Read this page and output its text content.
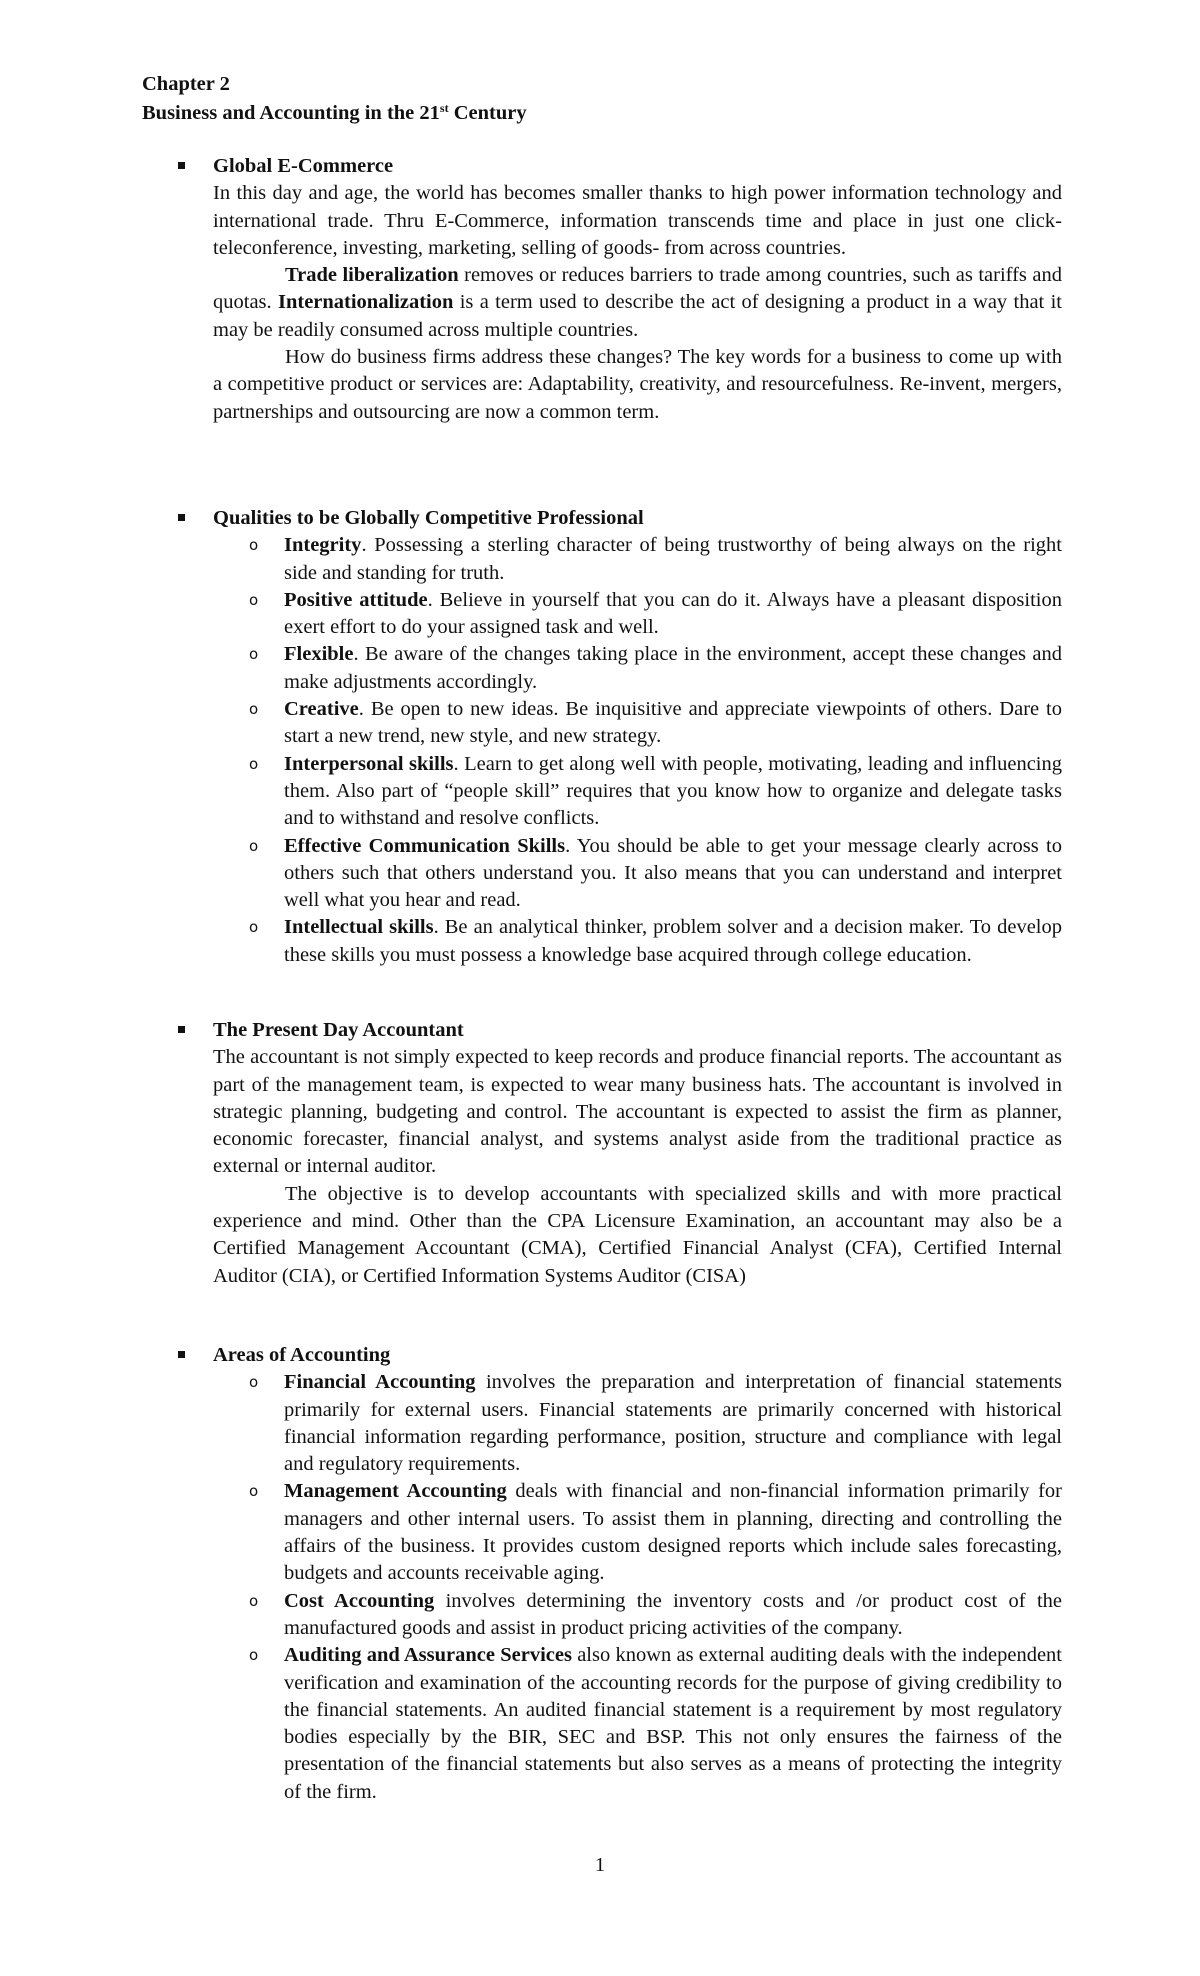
Chapter 2
Business and Accounting in the 21st Century
Global E-Commerce
In this day and age, the world has becomes smaller thanks to high power information technology and international trade. Thru E-Commerce, information transcends time and place in just one click- teleconference, investing, marketing, selling of goods- from across countries.
Trade liberalization removes or reduces barriers to trade among countries, such as tariffs and quotas. Internationalization is a term used to describe the act of designing a product in a way that it may be readily consumed across multiple countries.
How do business firms address these changes? The key words for a business to come up with a competitive product or services are: Adaptability, creativity, and resourcefulness. Re-invent, mergers, partnerships and outsourcing are now a common term.
Qualities to be Globally Competitive Professional
o Integrity. Possessing a sterling character of being trustworthy of being always on the right side and standing for truth.
o Positive attitude. Believe in yourself that you can do it. Always have a pleasant disposition exert effort to do your assigned task and well.
o Flexible. Be aware of the changes taking place in the environment, accept these changes and make adjustments accordingly.
o Creative. Be open to new ideas. Be inquisitive and appreciate viewpoints of others. Dare to start a new trend, new style, and new strategy.
o Interpersonal skills. Learn to get along well with people, motivating, leading and influencing them. Also part of “people skill” requires that you know how to organize and delegate tasks and to withstand and resolve conflicts.
o Effective Communication Skills. You should be able to get your message clearly across to others such that others understand you. It also means that you can understand and interpret well what you hear and read.
o Intellectual skills. Be an analytical thinker, problem solver and a decision maker. To develop these skills you must possess a knowledge base acquired through college education.
The Present Day Accountant
The accountant is not simply expected to keep records and produce financial reports. The accountant as part of the management team, is expected to wear many business hats. The accountant is involved in strategic planning, budgeting and control. The accountant is expected to assist the firm as planner, economic forecaster, financial analyst, and systems analyst aside from the traditional practice as external or internal auditor.
The objective is to develop accountants with specialized skills and with more practical experience and mind. Other than the CPA Licensure Examination, an accountant may also be a Certified Management Accountant (CMA), Certified Financial Analyst (CFA), Certified Internal Auditor (CIA), or Certified Information Systems Auditor (CISA)
Areas of Accounting
o Financial Accounting involves the preparation and interpretation of financial statements primarily for external users. Financial statements are primarily concerned with historical financial information regarding performance, position, structure and compliance with legal and regulatory requirements.
o Management Accounting deals with financial and non-financial information primarily for managers and other internal users. To assist them in planning, directing and controlling the affairs of the business. It provides custom designed reports which include sales forecasting, budgets and accounts receivable aging.
o Cost Accounting involves determining the inventory costs and /or product cost of the manufactured goods and assist in product pricing activities of the company.
o Auditing and Assurance Services also known as external auditing deals with the independent verification and examination of the accounting records for the purpose of giving credibility to the financial statements. An audited financial statement is a requirement by most regulatory bodies especially by the BIR, SEC and BSP. This not only ensures the fairness of the presentation of the financial statements but also serves as a means of protecting the integrity of the firm.
1
